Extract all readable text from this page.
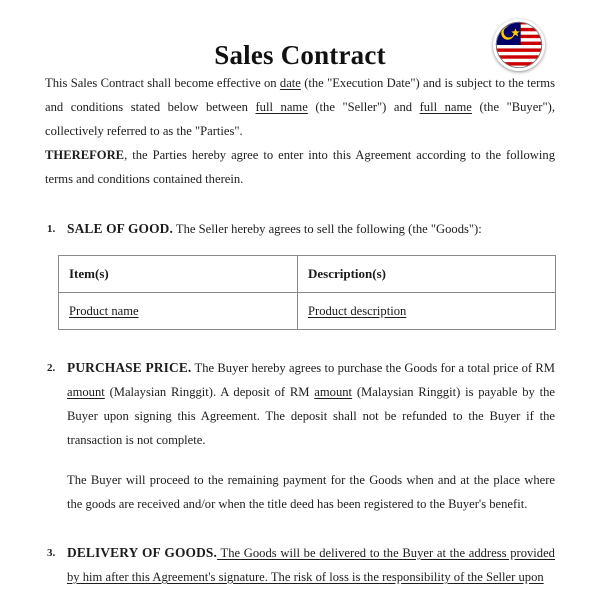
Sales Contract

This Sales Contract shall become effective on date (the "Execution Date") and is subject to the terms and conditions stated below between full name (the "Seller") and full name (the "Buyer"), collectively referred to as the "Parties".

THEREFORE, the Parties hereby agree to enter into this Agreement according to the following terms and conditions contained therein.

1. SALE OF GOOD. The Seller hereby agrees to sell the following (the "Goods"):

Item(s)	Description(s)
Product name	Product description
2. PURCHASE PRICE. The Buyer hereby agrees to purchase the Goods for a total price of RM amount (Malaysian Ringgit). A deposit of RM amount (Malaysian Ringgit) is payable by the Buyer upon signing this Agreement. The deposit shall not be refunded to the Buyer if the transaction is not complete.

The Buyer will proceed to the remaining payment for the Goods when and at the place where the goods are received and/or when the title deed has been registered to the Buyer's benefit.

3. DELIVERY OF GOODS. The Goods will be delivered to the Buyer at the address provided by him after this Agreement's signature. The risk of loss is the responsibility of the Seller upon
